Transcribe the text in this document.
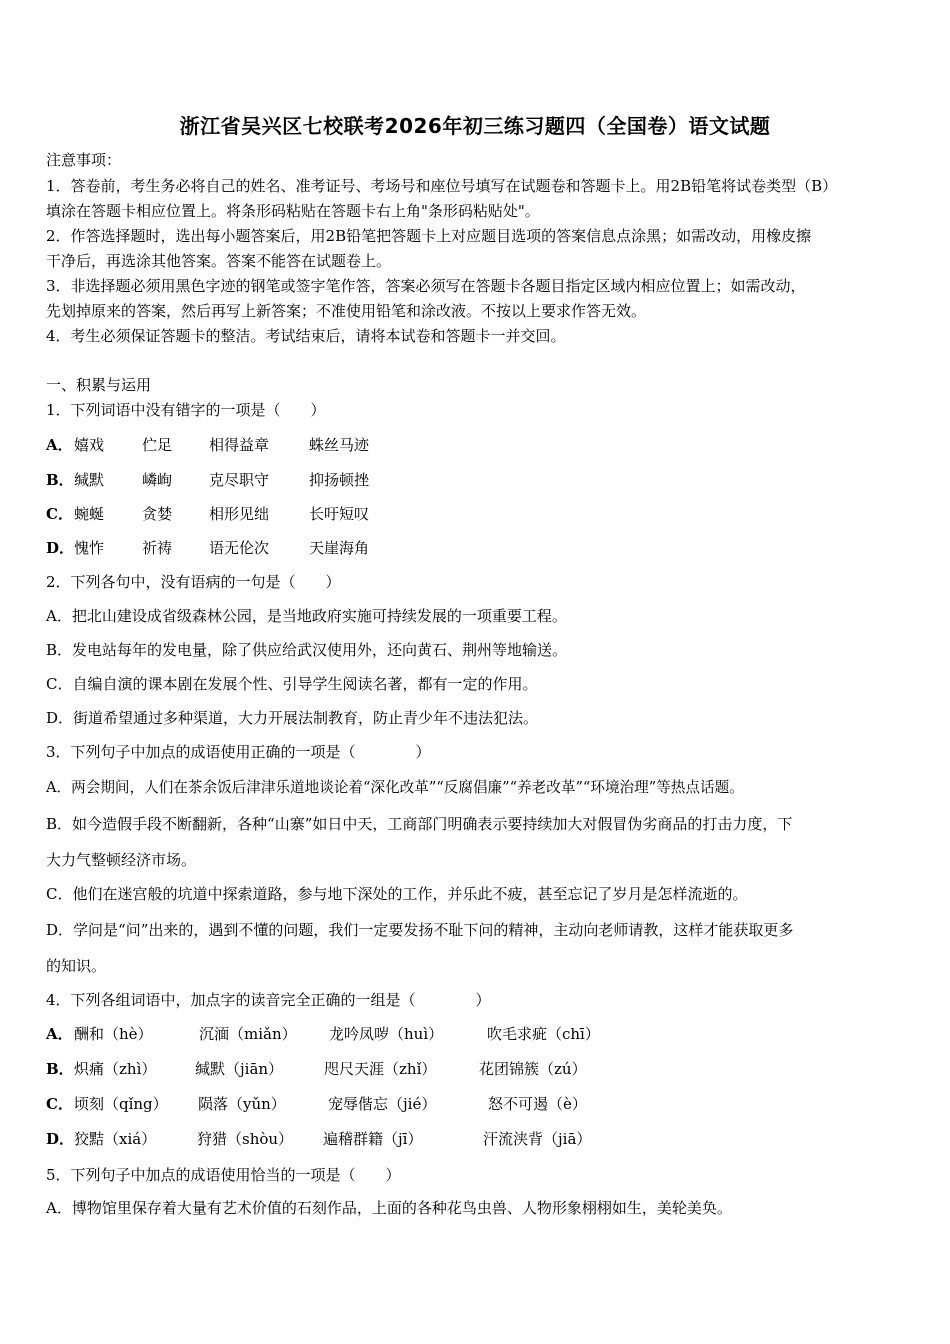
浙江省吴兴区七校联考2026年初三练习题四（全国卷）语文试题
注意事项：
1．答卷前，考生务必将自己的姓名、准考证号、考场号和座位号填写在试题卷和答题卡上。用2B铅笔将试卷类型（B）
填涂在答题卡相应位置上。将条形码粘贴在答题卡右上角"条形码粘贴处"。
2．作答选择题时，选出每小题答案后，用2B铅笔把答题卡上对应题目选项的答案信息点涂黑；如需改动，用橡皮擦
干净后，再选涂其他答案。答案不能答在试题卷上。
3．非选择题必须用黑色字迹的钢笔或签字笔作答，答案必须写在答题卡各题目指定区域内相应位置上；如需改动，
先划掉原来的答案，然后再写上新答案；不准使用铅笔和涂改液。不按以上要求作答无效。
4．考生必须保证答题卡的整洁。考试结束后，请将本试卷和答题卡一并交回。
一、积累与运用
1．下列词语中没有错字的一项是（　　）
A．嬉戏	伫足 相得益章	蛛丝马迹
B．缄默	嶙峋 克尽职守	抑扬顿挫
C．蜿蜒	贪婪 相形见绌	长吁短叹
D．愧怍	祈祷 语无伦次	天崖海角
2．下列各句中，没有语病的一句是（　　）
A．把北山建设成省级森林公园，是当地政府实施可持续发展的一项重要工程。
B．发电站每年的发电量，除了供应给武汉使用外，还向黄石、荆州等地输送。
C．自编自演的课本剧在发展个性、引导学生阅读名著，都有一定的作用。
D．街道希望通过多种渠道，大力开展法制教育，防止青少年不违法犯法。
3．下列句子中加点的成语使用正确的一项是（　　　　）
A．两会期间，人们在茶余饭后津津乐道地谈论着“深化改革”“反腐倡廉”“养老改革”“环境治理”等热点话题。
B．如今造假手段不断翻新，各种“山寨”如日中天，工商部门明确表示要持续加大对假冒伪劣商品的打击力度，下
大力气整顿经济市场。
C．他们在迷宫般的坑道中探索道路，参与地下深处的工作，并乐此不疲，甚至忘记了岁月是怎样流逝的。
D．学问是“问”出来的，遇到不懂的问题，我们一定要发扬不耻下问的精神，主动向老师请教，这样才能获取更多
的知识。
4．下列各组词语中，加点字的读音完全正确的一组是（　　　　）
A．酬和（hè）	沉湎（miǎn） 龙吟凤哕（huì）	吹毛求疵（chī）
B．炽痛（zhì）	缄默（jiān）	咫尺天涯（zhǐ）	花团锦簇（zú）
C．顷刻（qǐng） 陨落（yǔn）	宠辱偕忘（jié）	怒不可遏（è）
D．狡黠（xiá）	狩猎（shòu） 遍稽群籍（jī）	汗流浃背（jiā）
5．下列句子中加点的成语使用恰当的一项是（　　）
A．博物馆里保存着大量有艺术价值的石刻作品，上面的各种花鸟虫兽、人物形象栩栩如生，美轮美奂。
